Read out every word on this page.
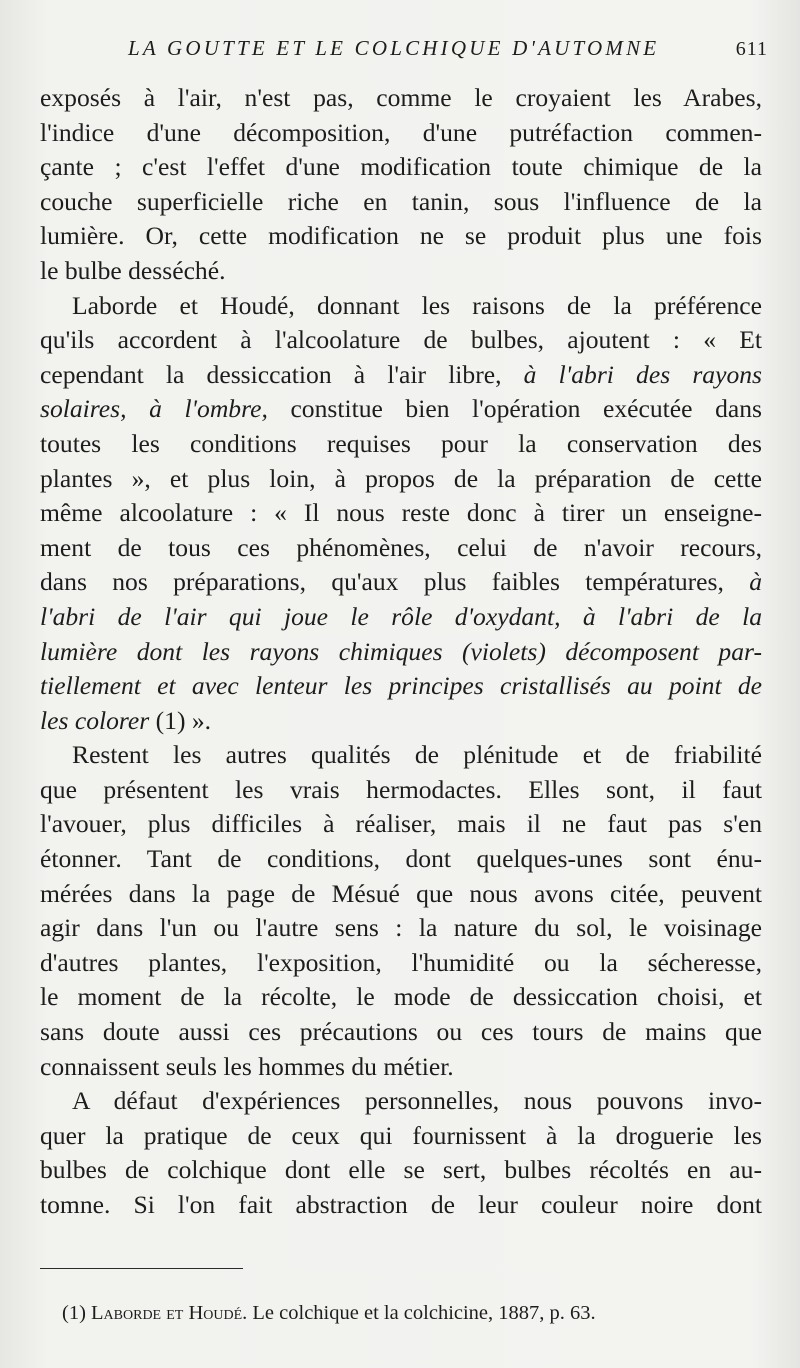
LA GOUTTE ET LE COLCHIQUE D'AUTOMNE	611
exposés à l'air, n'est pas, comme le croyaient les Arabes,
l'indice d'une décomposition, d'une putréfaction commen-
çante ; c'est l'effet d'une modification toute chimique de la
couche superficielle riche en tanin, sous l'influence de la
lumière. Or, cette modification ne se produit plus une fois
le bulbe desséché.
Laborde et Houdé, donnant les raisons de la préférence
qu'ils accordent à l'alcoolature de bulbes, ajoutent : « Et
cependant la dessiccation à l'air libre, à l'abri des rayons
solaires, à l'ombre, constitue bien l'opération exécutée dans
toutes les conditions requises pour la conservation des
plantes », et plus loin, à propos de la préparation de cette
même alcoolature : « Il nous reste donc à tirer un enseigne-
ment de tous ces phénomènes, celui de n'avoir recours,
dans nos préparations, qu'aux plus faibles températures, à
l'abri de l'air qui joue le rôle d'oxydant, à l'abri de la
lumière dont les rayons chimiques (violets) décomposent par-
tiellement et avec lenteur les principes cristallisés au point de
les colorer (1) ».
Restent les autres qualités de plénitude et de friabilité
que présentent les vrais hermodactes. Elles sont, il faut
l'avouer, plus difficiles à réaliser, mais il ne faut pas s'en
étonner. Tant de conditions, dont quelques-unes sont énu-
mérées dans la page de Mésué que nous avons citée, peuvent
agir dans l'un ou l'autre sens : la nature du sol, le voisinage
d'autres plantes, l'exposition, l'humidité ou la sécheresse,
le moment de la récolte, le mode de dessiccation choisi, et
sans doute aussi ces précautions ou ces tours de mains que
connaissent seuls les hommes du métier.
A défaut d'expériences personnelles, nous pouvons invo-
quer la pratique de ceux qui fournissent à la droguerie les
bulbes de colchique dont elle se sert, bulbes récoltés en au-
tomne. Si l'on fait abstraction de leur couleur noire dont
(1) Laborde et Houdé. Le colchique et la colchicine, 1887, p. 63.
